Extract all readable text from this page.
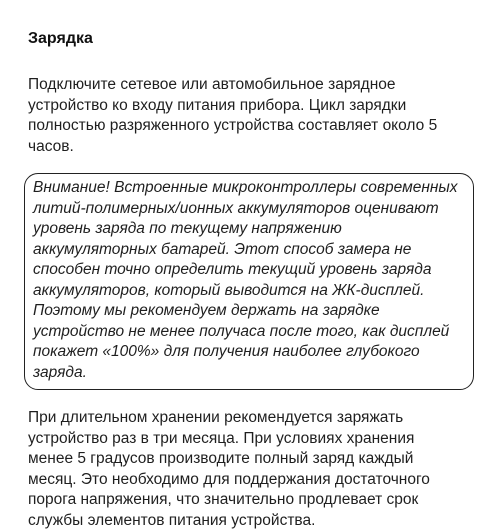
Зарядка

Подключите сетевое или автомобильное зарядное устройство ко входу питания прибора. Цикл зарядки полностью разряженного устройства составляет около 5 часов.

Внимание! Встроенные микроконтроллеры современных литий-полимерных/ионных аккумуляторов оценивают уровень заряда по текущему напряжению аккумуляторных батарей. Этот способ замера не способен точно определить текущий уровень заряда аккумуляторов, который выводится на ЖК-дисплей. Поэтому мы рекомендуем держать на зарядке устройство не менее получаса после того, как дисплей покажет «100%» для получения наиболее глубокого заряда.

При длительном хранении рекомендуется заряжать устройство раз в три месяца. При условиях хранения менее 5 градусов производите полный заряд каждый месяц. Это необходимо для поддержания достаточного порога напряжения, что значительно продлевает срок службы элементов питания устройства.
